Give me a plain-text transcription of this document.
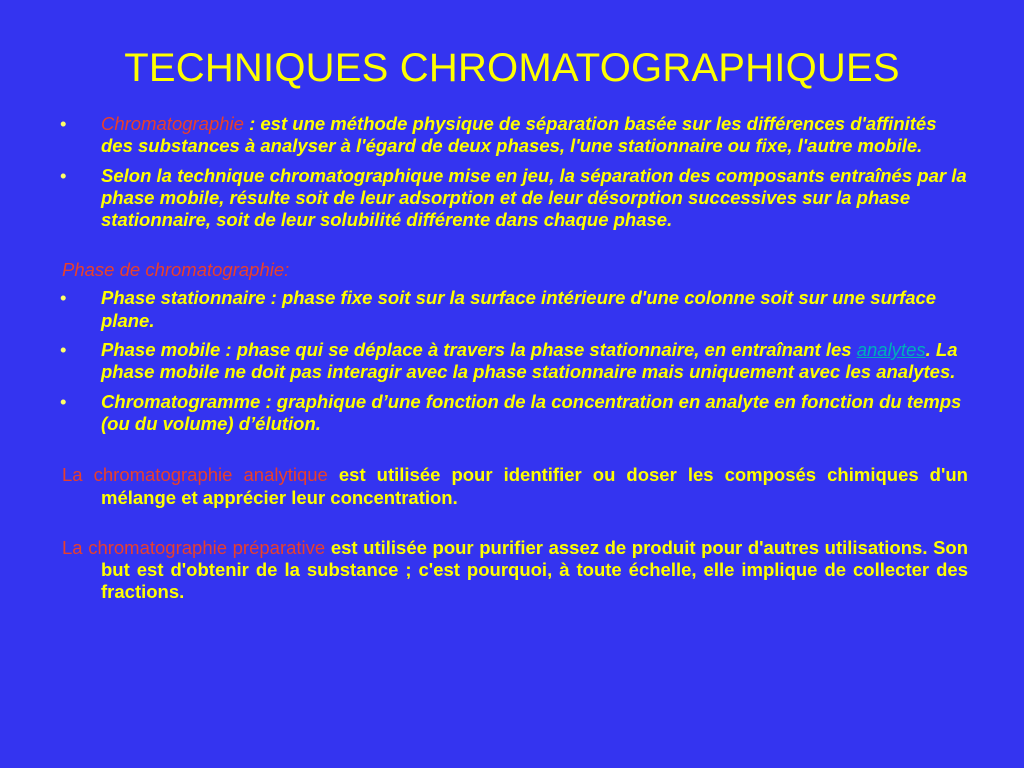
TECHNIQUES CHROMATOGRAPHIQUES
• Chromatographie : est une méthode physique de séparation basée sur les différences d'affinités des substances à analyser à l'égard de deux phases, l'une stationnaire ou fixe, l'autre mobile.
• Selon la technique chromatographique mise en jeu, la séparation des composants entraînés par la phase mobile, résulte soit de leur adsorption et de leur désorption successives sur la phase stationnaire, soit de leur solubilité différente dans chaque phase.
Phase de chromatographie:
• Phase stationnaire : phase fixe soit sur la surface intérieure d'une colonne soit sur une surface plane.
• Phase mobile : phase qui se déplace à travers la phase stationnaire, en entraînant les analytes. La phase mobile ne doit pas interagir avec la phase stationnaire mais uniquement avec les analytes.
• Chromatogramme : graphique d’une fonction de la concentration en analyte en fonction du temps (ou du volume) d’élution.
La chromatographie analytique est utilisée pour identifier ou doser les composés chimiques d'un mélange et apprécier leur concentration.
La chromatographie préparative est utilisée pour purifier assez de produit pour d'autres utilisations. Son but est d'obtenir de la substance ; c'est pourquoi, à toute échelle, elle implique de collecter des fractions.
